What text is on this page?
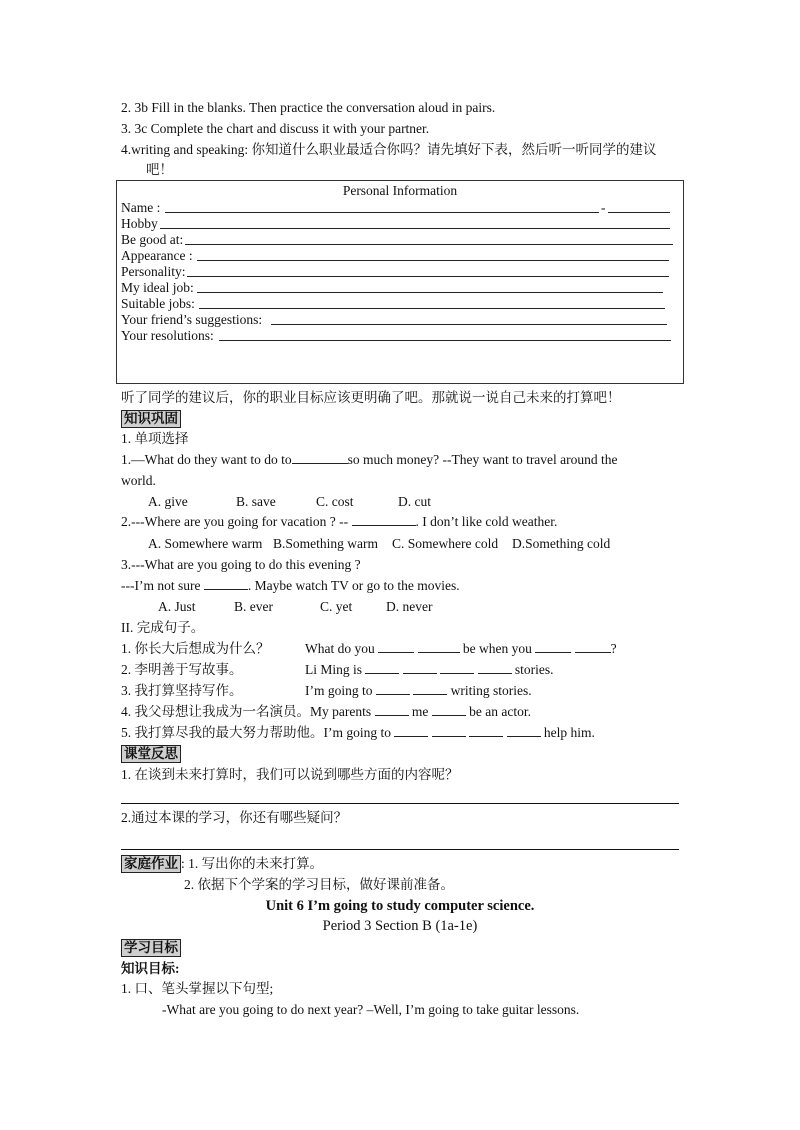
2. 3b Fill in the blanks. Then practice the conversation aloud in pairs.
3. 3c Complete the chart and discuss it with your partner.
4.writing and speaking: 你知道什么职业最适合你吗？请先填好下表，然后听一听同学的建议
吧！
Personal Information
Name :	-
Hobby
Be good at:
Appearance :
Personality:
My ideal job:
Suitable jobs:
Your friend’s suggestions:
Your resolutions:
听了同学的建议后，你的职业目标应该更明确了吧。那就说一说自己未来的打算吧！
知识巩固
1. 单项选择
1.—What do they want to do to	so much money? --They want to travel around the
world.
A. give	B. save	C. cost	D. cut
2.---Where are you going for vacation ? --	. I don’t like cold weather.
A. Somewhere warm B.Something warm C. Somewhere cold D.Something cold
3.---What are you going to do this evening ?
---I’m not sure	. Maybe watch TV or go to the movies.
A. Just	B. ever	C. yet	D. never
II. 完成句子。
1. 你长大后想成为什么？	What do you	be when you	?
2. 李明善于写故事。	Li Ming is	stories.
3. 我打算坚持写作。	I’m going to	writing stories.
4. 我父母想让我成为一名演员。My parents	me	be an actor.
5. 我打算尽我的最大努力帮助他。I’m going to	help him.
课堂反思
1. 在谈到未来打算时，我们可以说到哪些方面的内容呢？
2.通过本课的学习，你还有哪些疑问？
家庭作业 : 1. 写出你的未来打算。
2. 依据下个学案的学习目标，做好课前准备。
Unit 6 I’m going to study computer science.
Period 3 Section B (1a-1e)
学习目标
知识目标:
1. 口、笔头掌握以下句型;
-What are you going to do next year? –Well, I’m going to take guitar lessons.
